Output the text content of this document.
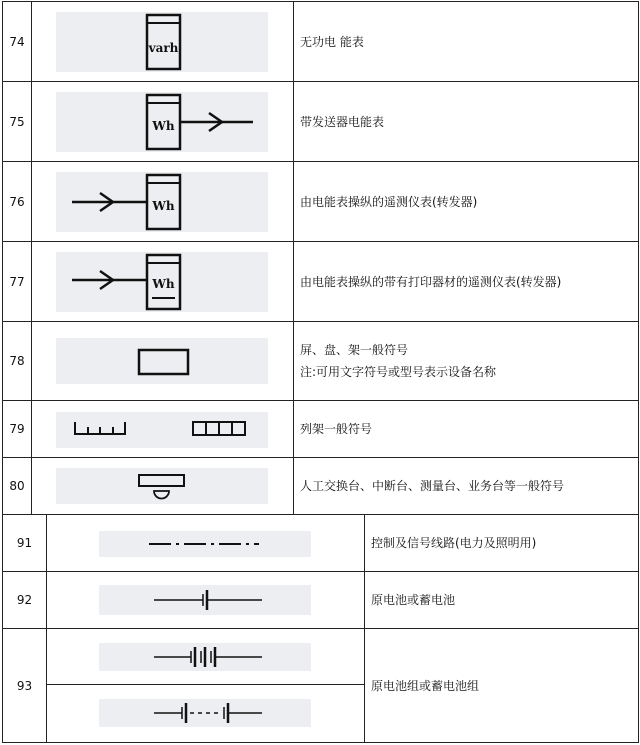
74	varh	无功电 能表

75	Wh	带发送器电能表

76	Wh	由电能表操纵的遥测仪表(转发器)

77	Wh	由电能表操纵的带有打印器材的遥测仪表(转发器)

78		屏、盘、架一般符号
注:可用文字符号或型号表示设备名称

79		列架一般符号

80		人工交换台、中断台、测量台、业务台等一般符号
91		控制及信号线路(电力及照明用)

92		原电池或蓄电池

93		原电池组或蓄电池组
